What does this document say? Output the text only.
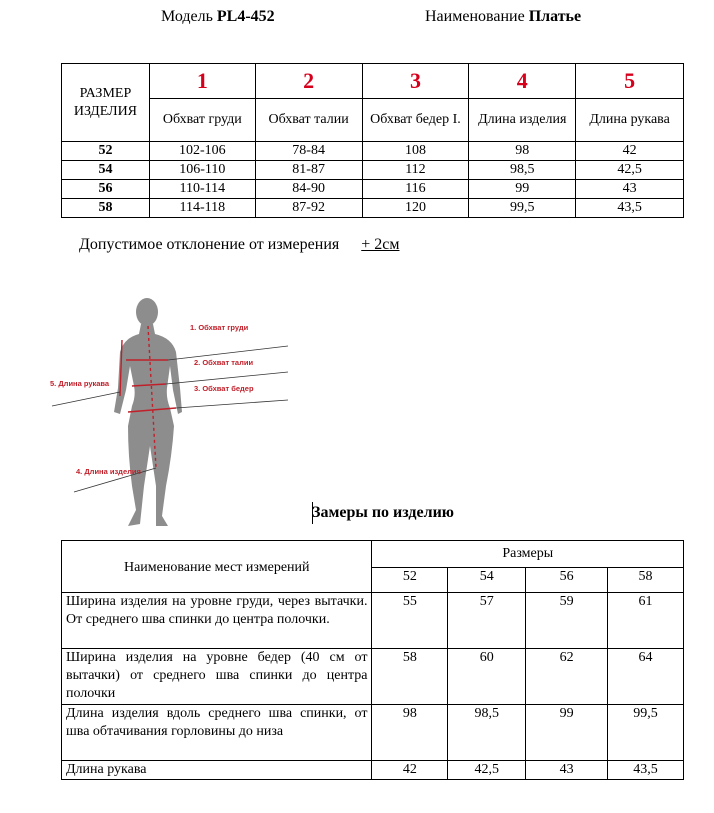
Модель PL4-452	Наименование Платье
РАЗМЕР ИЗДЕЛИЯ	1	2	3	4	5
	Обхват груди	Обхват талии	Обхват бедер I.	Длина изделия	Длина рукава
52	102-106	78-84	108	98	42
54	106-110	81-87	112	98,5	42,5
56	110-114	84-90	116	99	43
58	114-118	87-92	120	99,5	43,5
Допустимое отклонение от измерения + 2см
1. Обхват груди
2. Обхват талии
3. Обхват бедер
5. Длина рукава
4. Длина изделия
Замеры по изделию
Наименование мест измерений	Размеры			
	52	54	56	58
Ширина изделия на уровне груди, через вытачки. От среднего шва спинки до центра полочки.	55	57	59	61
Ширина изделия на уровне бедер (40 см от вытачки) от среднего шва спинки до центра полочки	58	60	62	64
Длина изделия вдоль среднего шва спинки, от шва обтачивания горловины до низа	98	98,5	99	99,5
Длина рукава	42	42,5	43	43,5
